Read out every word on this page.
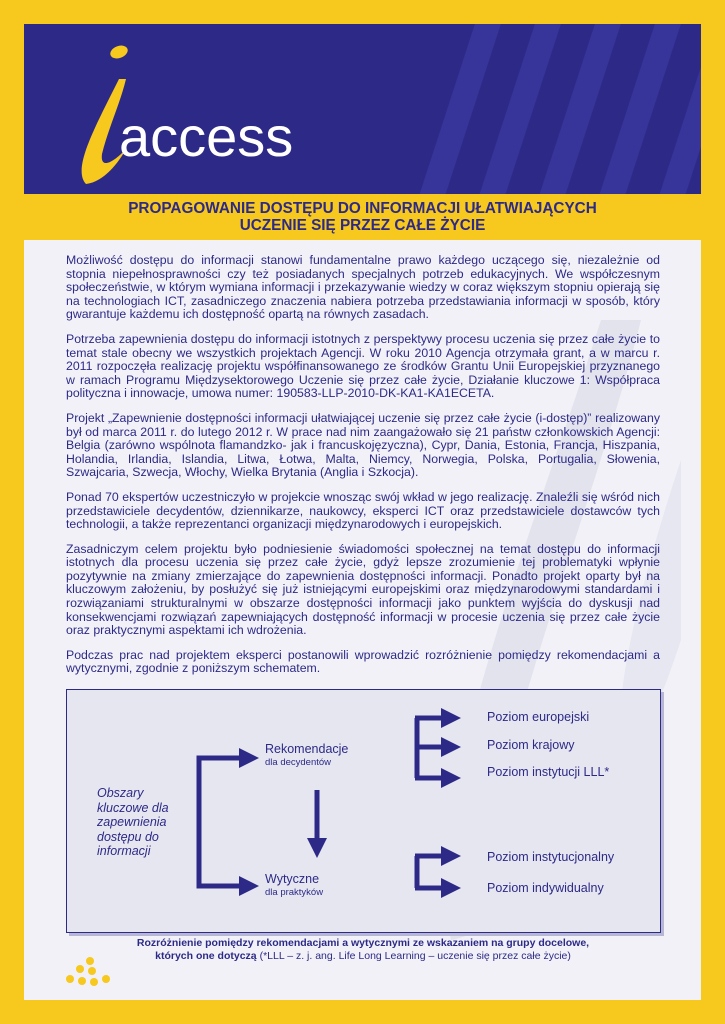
access
PROPAGOWANIE DOSTĘPU DO INFORMACJI UŁATWIAJĄCYCH
UCZENIE SIĘ PRZEZ CAŁE ŻYCIE

Możliwość dostępu do informacji stanowi fundamentalne prawo każdego uczącego się, niezależnie od stopnia niepełnosprawności czy też posiadanych specjalnych potrzeb edukacyjnych. We współczesnym społeczeństwie, w którym wymiana informacji i przekazywanie wiedzy w coraz większym stopniu opierają się na technologiach ICT, zasadniczego znaczenia nabiera potrzeba przedstawiania informacji w sposób, który gwarantuje każdemu ich dostępność opartą na równych zasadach.

Potrzeba zapewnienia dostępu do informacji istotnych z perspektywy procesu uczenia się przez całe życie to temat stale obecny we wszystkich projektach Agencji. W roku 2010 Agencja otrzymała grant, a w marcu r. 2011 rozpoczęła realizację projektu współfinansowanego ze środków Grantu Unii Europejskiej przyznanego w ramach Programu Międzysektorowego Uczenie się przez całe życie, Działanie kluczowe 1: Współpraca polityczna i innowacje, umowa numer: 190583-LLP-2010-DK-KA1-KA1ECETA.

Projekt „Zapewnienie dostępności informacji ułatwiającej uczenie się przez całe życie (i-dostęp)” realizowany był od marca 2011 r. do lutego 2012 r. W prace nad nim zaangażowało się 21 państw członkowskich Agencji: Belgia (zarówno wspólnota flamandzko- jak i francuskojęzyczna), Cypr, Dania, Estonia, Francja, Hiszpania, Holandia, Irlandia, Islandia, Litwa, Łotwa, Malta, Niemcy, Norwegia, Polska, Portugalia, Słowenia, Szwajcaria, Szwecja, Włochy, Wielka Brytania (Anglia i Szkocja).

Ponad 70 ekspertów uczestniczyło w projekcie wnosząc swój wkład w jego realizację. Znaleźli się wśród nich przedstawiciele decydentów, dziennikarze, naukowcy, eksperci ICT oraz przedstawiciele dostawców tych technologii, a także reprezentanci organizacji międzynarodowych i europejskich.

Zasadniczym celem projektu było podniesienie świadomości społecznej na temat dostępu do informacji istotnych dla procesu uczenia się przez całe życie, gdyż lepsze zrozumienie tej problematyki wpłynie pozytywnie na zmiany zmierzające do zapewnienia dostępności informacji. Ponadto projekt oparty był na kluczowym założeniu, by posłużyć się już istniejącymi europejskimi oraz międzynarodowymi standardami i rozwiązaniami strukturalnymi w obszarze dostępności informacji jako punktem wyjścia do dyskusji nad konsekwencjami rozwiązań zapewniających dostępność informacji w procesie uczenia się przez całe życie oraz praktycznymi aspektami ich wdrożenia.

Podczas prac nad projektem eksperci postanowili wprowadzić rozróżnienie pomiędzy rekomendacjami a wytycznymi, zgodnie z poniższym schematem.

Obszary kluczowe dla zapewnienia dostępu do informacji
Rekomendacje
dla decydentów
Wytyczne
dla praktyków
Poziom europejski
Poziom krajowy
Poziom instytucji LLL*
Poziom instytucjonalny
Poziom indywidualny
Rozróżnienie pomiędzy rekomendacjami a wytycznymi ze wskazaniem na grupy docelowe,
których one dotyczą (*LLL – z. j. ang. Life Long Learning – uczenie się przez całe życie)
